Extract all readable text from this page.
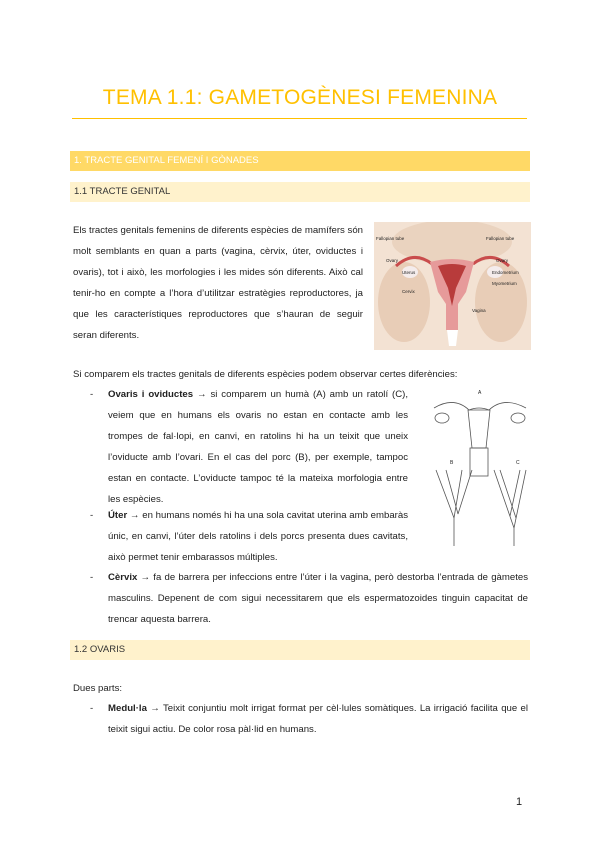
TEMA 1.1: GAMETOGÈNESI FEMENINA
1. TRACTE GENITAL FEMENÍ I GÒNADES
1.1 TRACTE GENITAL
Els tractes genitals femenins de diferents espècies de mamífers són molt semblants en quan a parts (vagina, cèrvix, úter, oviductes i ovaris), tot i això, les morfologies i les mides són diferents. Això cal tenir-ho en compte a l’hora d’utilitzar estratègies reproductores, ja que les característiques reproductores que s’hauran de seguir seran diferents.
Fallopian tube	Fallopian tube
Ovary	Ovary
Uterus	Endometrium
Myometrium
Cervix
Vagina
Si comparem els tractes genitals de diferents espècies podem observar certes diferències:
A
B	C
- Ovaris i oviductes → si comparem un humà (A) amb un ratolí (C), veiem que en humans els ovaris no estan en contacte amb les trompes de fal·lopi, en canvi, en ratolins hi ha un teixit que uneix l’oviducte amb l’ovari. En el cas del porc (B), per exemple, tampoc estan en contacte. L’oviducte tampoc té la mateixa morfologia entre les espècies.
- Úter → en humans només hi ha una sola cavitat uterina amb embaràs únic, en canvi, l’úter dels ratolins i dels porcs presenta dues cavitats, això permet tenir embarassos múltiples.
- Cèrvix → fa de barrera per infeccions entre l’úter i la vagina, però destorba l’entrada de gàmetes masculins. Depenent de com sigui necessitarem que els espermatozoides tinguin capacitat de trencar aquesta barrera.
1.2 OVARIS
Dues parts:
- Medul·la → Teixit conjuntiu molt irrigat format per cèl·lules somàtiques. La irrigació facilita que el teixit sigui actiu. De color rosa pàl·lid en humans.
1
